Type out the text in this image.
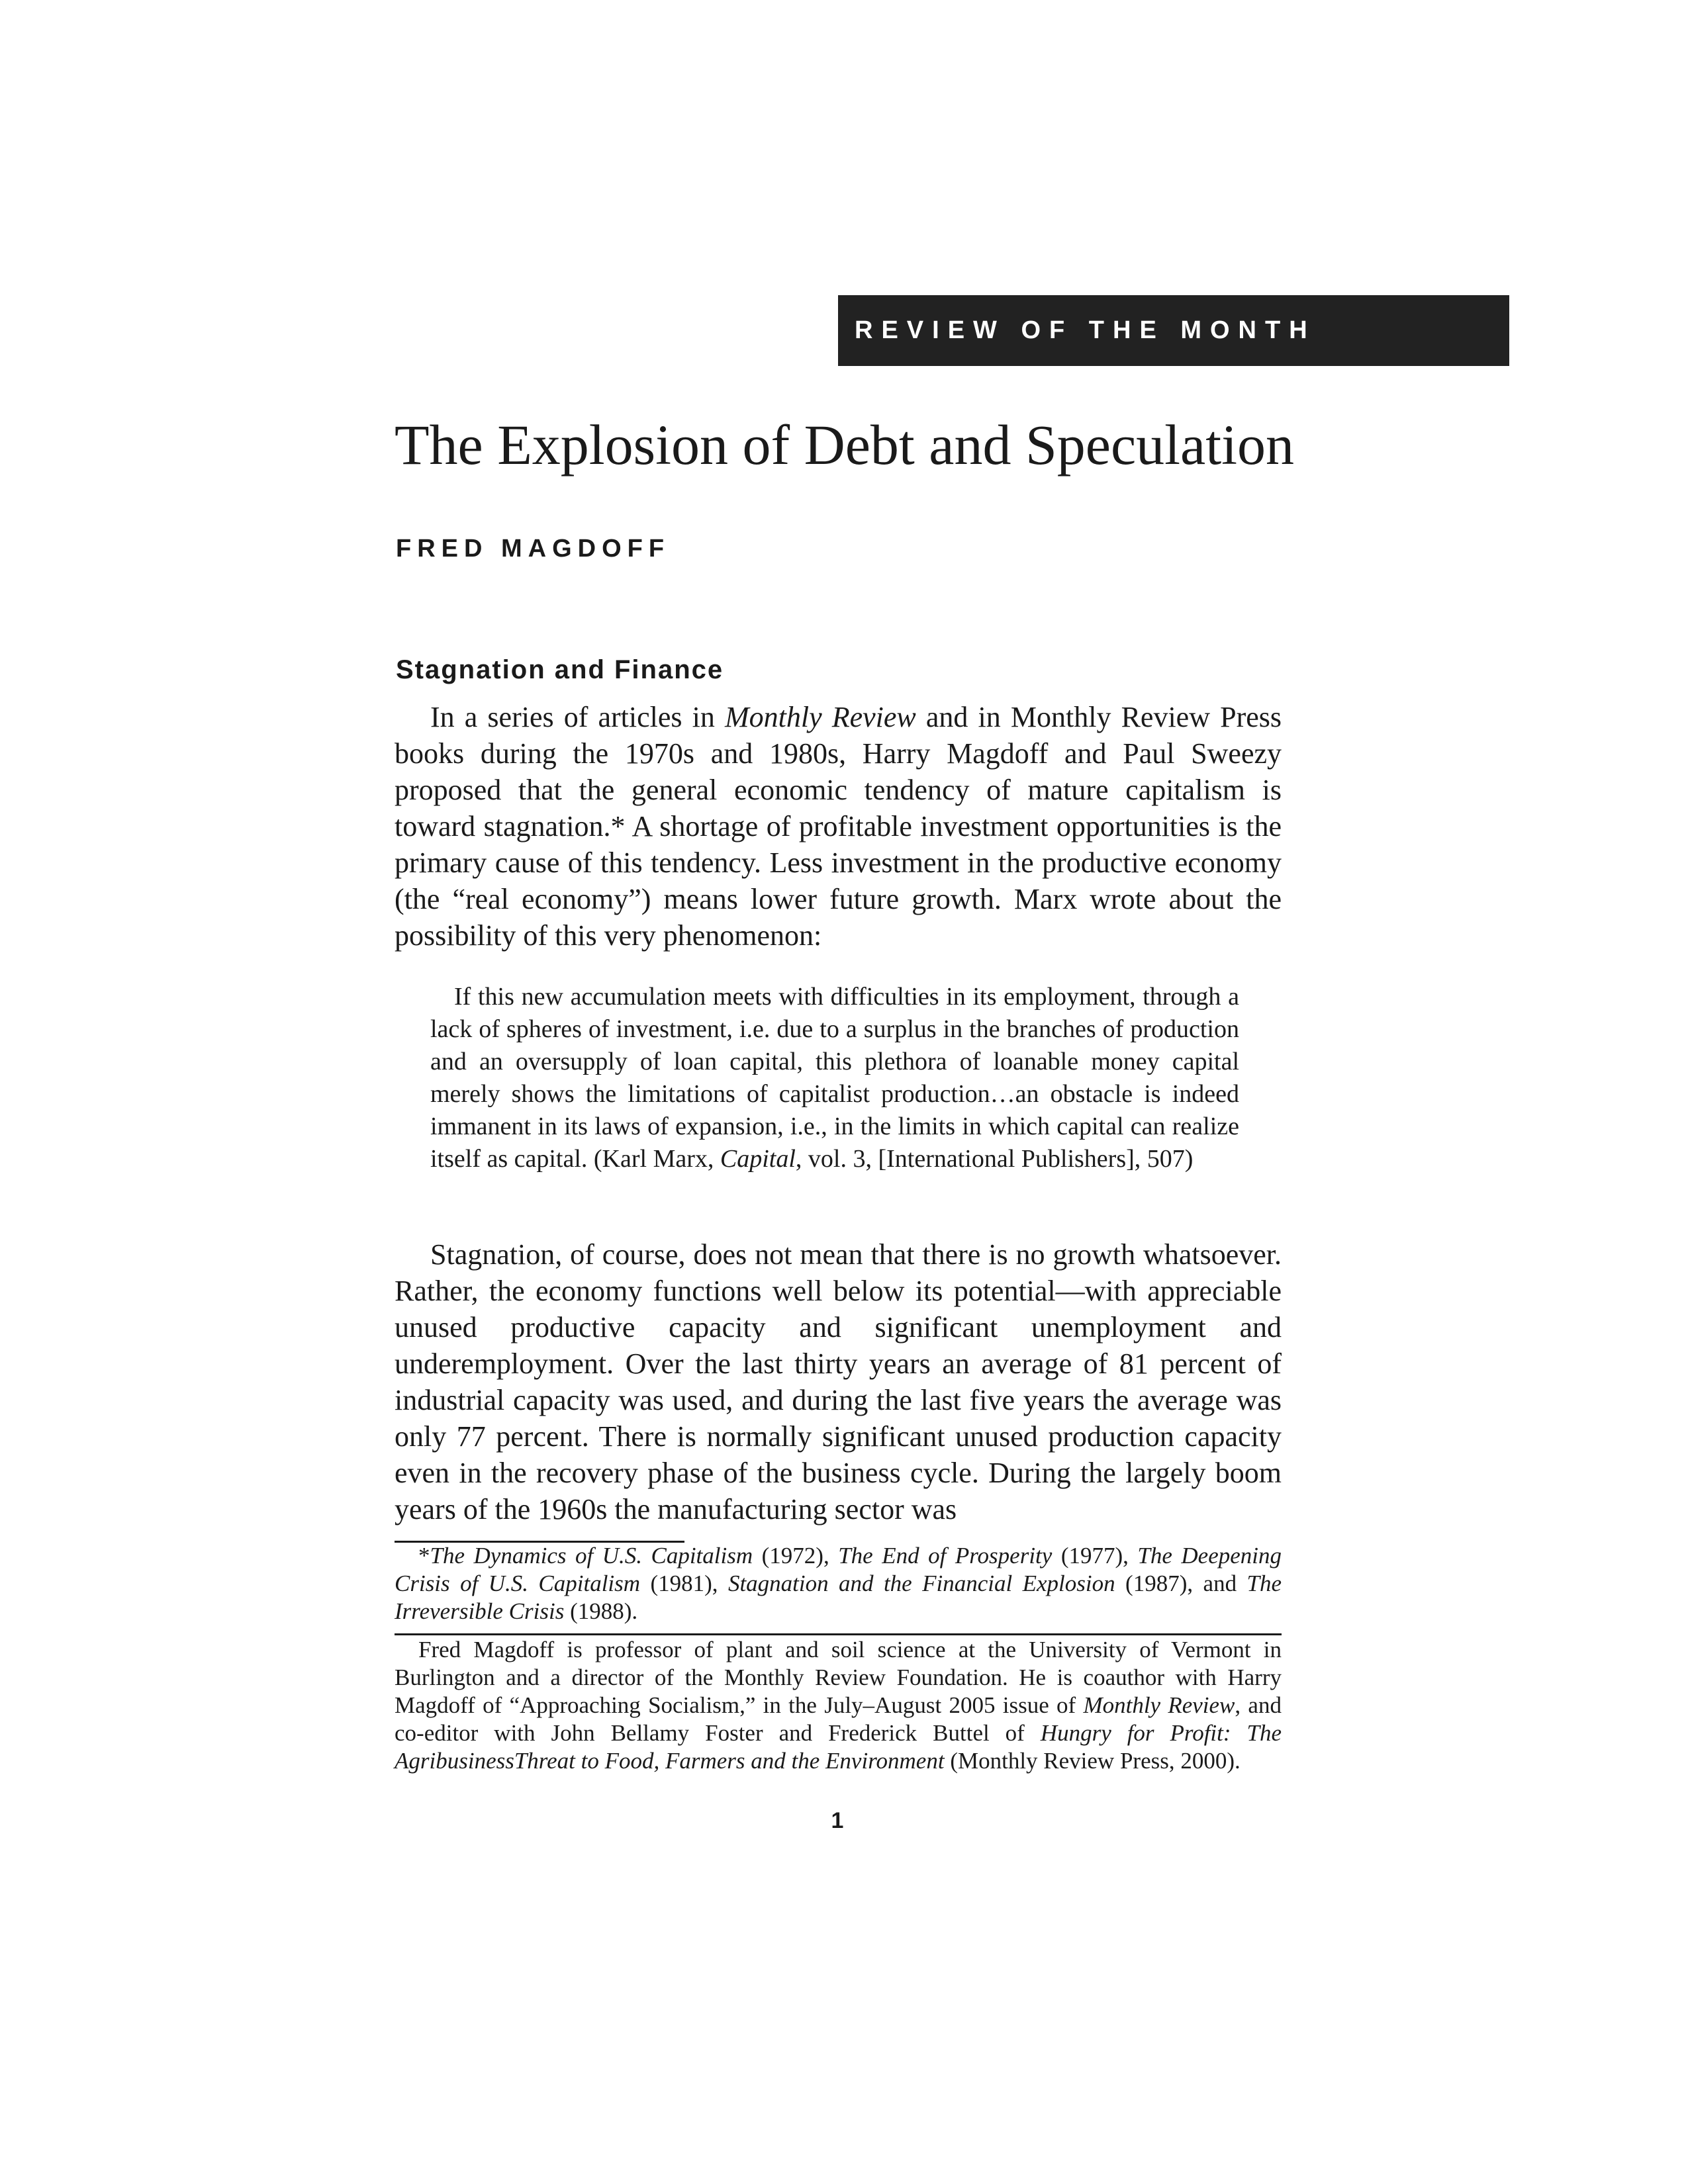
REVIEW OF THE MONTH
The Explosion of Debt and Speculation
FRED MAGDOFF
Stagnation and Finance

In a series of articles in Monthly Review and in Monthly Review Press books during the 1970s and 1980s, Harry Magdoff and Paul Sweezy proposed that the general economic tendency of mature capitalism is toward stagnation.* A shortage of profitable investment opportunities is the primary cause of this tendency. Less investment in the productive economy (the “real economy”) means lower future growth. Marx wrote about the possibility of this very phenomenon:

If this new accumulation meets with difficulties in its employment, through a lack of spheres of investment, i.e. due to a surplus in the branches of production and an oversupply of loan capital, this plethora of loanable money capital merely shows the limitations of capitalist production…an obstacle is indeed immanent in its laws of expansion, i.e., in the limits in which capital can realize itself as capital. (Karl Marx, Capital, vol. 3, [International Publishers], 507)

Stagnation, of course, does not mean that there is no growth whatsoever. Rather, the economy functions well below its potential—with appreciable unused productive capacity and significant unemployment and underemployment. Over the last thirty years an average of 81 percent of industrial capacity was used, and during the last five years the average was only 77 percent. There is normally significant unused production capacity even in the recovery phase of the business cycle. During the largely boom years of the 1960s the manufacturing sector was

*The Dynamics of U.S. Capitalism (1972), The End of Prosperity (1977), The Deepening Crisis of U.S. Capitalism (1981), Stagnation and the Financial Explosion (1987), and The Irreversible Crisis (1988).

Fred Magdoff is professor of plant and soil science at the University of Vermont in Burlington and a director of the Monthly Review Foundation. He is coauthor with Harry Magdoff of “Approaching Socialism,” in the July–August 2005 issue of Monthly Review, and co-editor with John Bellamy Foster and Frederick Buttel of Hungry for Profit: The AgribusinessThreat to Food, Farmers and the Environment (Monthly Review Press, 2000).

1
